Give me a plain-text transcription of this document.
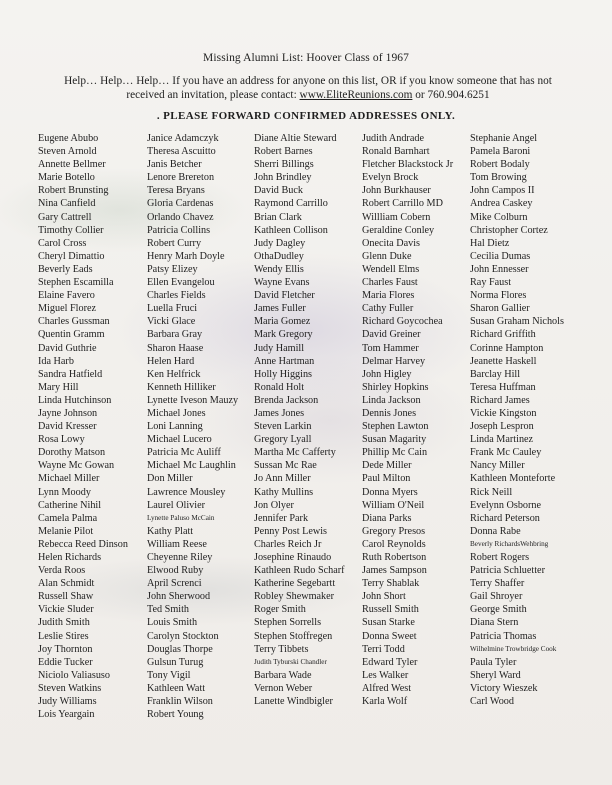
Missing Alumni List: Hoover Class of 1967
Help… Help… Help… If you have an address for anyone on this list, OR if you know someone that has not
received an invitation, please contact: www.EliteReunions.com or 760.904.6251
. PLEASE FORWARD CONFIRMED ADDRESSES ONLY.
Eugene Abubo
Steven Arnold
Annette Bellmer
Marie Botello
Robert Brunsting
Nina Canfield
Gary Cattrell
Timothy Collier
Carol Cross
Cheryl Dimattio
Beverly Eads
Stephen Escamilla
Elaine Favero
Miguel Florez
Charles Gussman
Quentin Gramm
David Guthrie
Ida Harb
Sandra Hatfield
Mary Hill
Linda Hutchinson
Jayne Johnson
David Kresser
Rosa Lowy
Dorothy Matson
Wayne Mc Gowan
Michael Miller
Lynn Moody
Catherine Nihil
Camela Palma
Melanie Pilot
Rebecca Reed Dinson
Helen Richards
Verda Roos
Alan Schmidt
Russell Shaw
Vickie Sluder
Judith Smith
Leslie Stires
Joy Thornton
Eddie Tucker
Niciolo Valiasuso
Steven Watkins
Judy Williams
Lois Yeargain
Janice Adamczyk
Theresa Ascuitto
Janis Betcher
Lenore Brereton
Teresa Bryans
Gloria Cardenas
Orlando Chavez
Patricia Collins
Robert Curry
Henry Marh Doyle
Patsy Elizey
Ellen Evangelou
Charles Fields
Luella Fruci
Vicki Glace
Barbara Gray
Sharon Haase
Helen Hard
Ken Helfrick
Kenneth Hilliker
Lynette Iveson Mauzy
Michael Jones
Loni Lanning
Michael Lucero
Patricia Mc Auliff
Michael Mc Laughlin
Don Miller
Lawrence Mousley
Laurel Olivier
Lynette Paluso McCain
Kathy Platt
William Reese
Cheyenne Riley
Elwood Ruby
April Screnci
John Sherwood
Ted Smith
Louis Smith
Carolyn Stockton
Douglas Thorpe
Gulsun Turug
Tony Vigil
Kathleen Watt
Franklin Wilson
Robert Young
Diane Altie Steward
Robert Barnes
Sherri Billings
John Brindley
David Buck
Raymond Carrillo
Brian Clark
Kathleen Collison
Judy Dagley
OthaDudley
Wendy Ellis
Wayne Evans
David Fletcher
James Fuller
Maria Gomez
Mark Gregory
Judy Hamill
Anne Hartman
Holly Higgins
Ronald Holt
Brenda Jackson
James Jones
Steven Larkin
Gregory Lyall
Martha Mc Cafferty
Sussan Mc Rae
Jo Ann Miller
Kathy Mullins
Jon Olyer
Jennifer Park
Penny Post Lewis
Charles Reich Jr
Josephine Rinaudo
Kathleen Rudo Scharf
Katherine Segebartt
Robley Shewmaker
Roger Smith
Stephen Sorrells
Stephen Stoffregen
Terry Tibbets
Judith Tyburski Chandler
Barbara Wade
Vernon Weber
Lanette Windbigler
Judith Andrade
Ronald Barnhart
Fletcher Blackstock Jr
Evelyn Brock
John Burkhauser
Robert Carrillo MD
Willliam Cobern
Geraldine Conley
Onecita Davis
Glenn Duke
Wendell Elms
Charles Faust
Maria Flores
Cathy Fuller
Richard Goycochea
David Greiner
Tom Hammer
Delmar Harvey
John Higley
Shirley Hopkins
Linda Jackson
Dennis Jones
Stephen Lawton
Susan Magarity
Phillip Mc Cain
Dede Miller
Paul Milton
Donna Myers
William O'Neil
Diana Parks
Gregory Presos
Carol Reynolds
Ruth Robertson
James Sampson
Terry Shablak
John Short
Russell Smith
Susan Starke
Donna Sweet
Terri Todd
Edward Tyler
Les Walker
Alfred West
Karla Wolf
Stephanie Angel
Pamela Baroni
Robert Bodaly
Tom Browing
John Campos II
Andrea Caskey
Mike Colburn
Christopher Cortez
Hal Dietz
Cecilia Dumas
John Ennesser
Ray Faust
Norma Flores
Sharon Gallier
Susan Graham Nichols
Richard Griffith
Corinne Hampton
Jeanette Haskell
Barclay Hill
Teresa Huffman
Richard James
Vickie Kingston
Joseph Lespron
Linda Martinez
Frank Mc Cauley
Nancy Miller
Kathleen Monteforte
Rick Neill
Evelynn Osborne
Richard Peterson
Donna Rabe
Beverly RichardsWehbring
Robert Rogers
Patricia Schluetter
Terry Shaffer
Gail Shroyer
George Smith
Diana Stern
Patricia Thomas
Wilhelmine Trowbridge Cook
Paula Tyler
Sheryl Ward
Victory Wieszek
Carl Wood
